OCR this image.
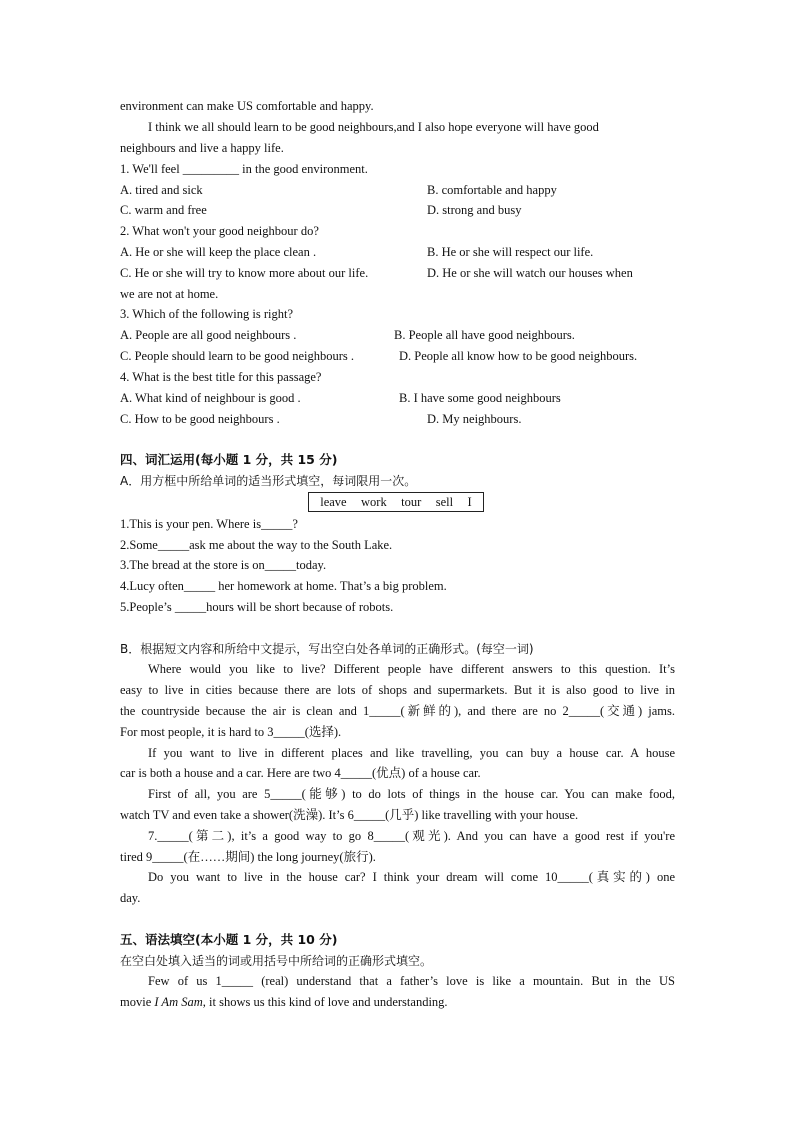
environment can make US comfortable and happy.
I think we all should learn to be good neighbours,and I also hope everyone will have good
neighbours and live a happy life.
1. We'll feel _________ in the good environment.
A. tired and sick	B. comfortable and happy
C. warm and free	D. strong and busy
2. What won't your good neighbour do?
A. He or she will keep the place clean .	B. He or she will respect our life.
C. He or she will try to know more about our life.	D. He or she will watch our houses when
we are not at home.
3. Which of the following is right?
A. People are all good neighbours .	B. People all have good neighbours.
C. People should learn to be good neighbours .	D. People all know how to be good neighbours.
4. What is the best title for this passage?
A. What kind of neighbour is good .	B. I have some good neighbours
C. How to be good neighbours .	D. My neighbours.
四、词汇运用(每小题 1 分，共 15 分)
A．用方框中所给单词的适当形式填空，每词限用一次。
leave work tour sell I
1.This is your pen. Where is_____?
2.Some_____ask me about the way to the South Lake.
3.The bread at the store is on_____today.
4.Lucy often_____ her homework at home. That’s a big problem.
5.People’s _____hours will be short because of robots.
B．根据短文内容和所给中文提示，写出空白处各单词的正确形式。(每空一词)
Where would you like to live? Different people have different answers to this question. It’s
easy to live in cities because there are lots of shops and supermarkets. But it is also good to live in
the countryside because the air is clean and 1_____(新鲜的), and there are no 2_____(交通) jams.
For most people, it is hard to 3_____(选择).
If you want to live in different places and like travelling, you can buy a house car. A house
car is both a house and a car. Here are two 4_____(优点) of a house car.
First of all, you are 5_____(能够) to do lots of things in the house car. You can make food,
watch TV and even take a shower(洗澡). It’s 6_____(几乎) like travelling with your house.
7._____(第二), it’s a good way to go 8_____(观光). And you can have a good rest if you're
tired 9_____(在……期间) the long journey(旅行).
Do you want to live in the house car? I think your dream will come 10_____(真实的) one
day.
五、语法填空(本小题 1 分，共 10 分)
在空白处填入适当的词或用括号中所给词的正确形式填空。
Few of us 1_____ (real) understand that a father’s love is like a mountain. But in the US
movie I Am Sam, it shows us this kind of love and understanding.
